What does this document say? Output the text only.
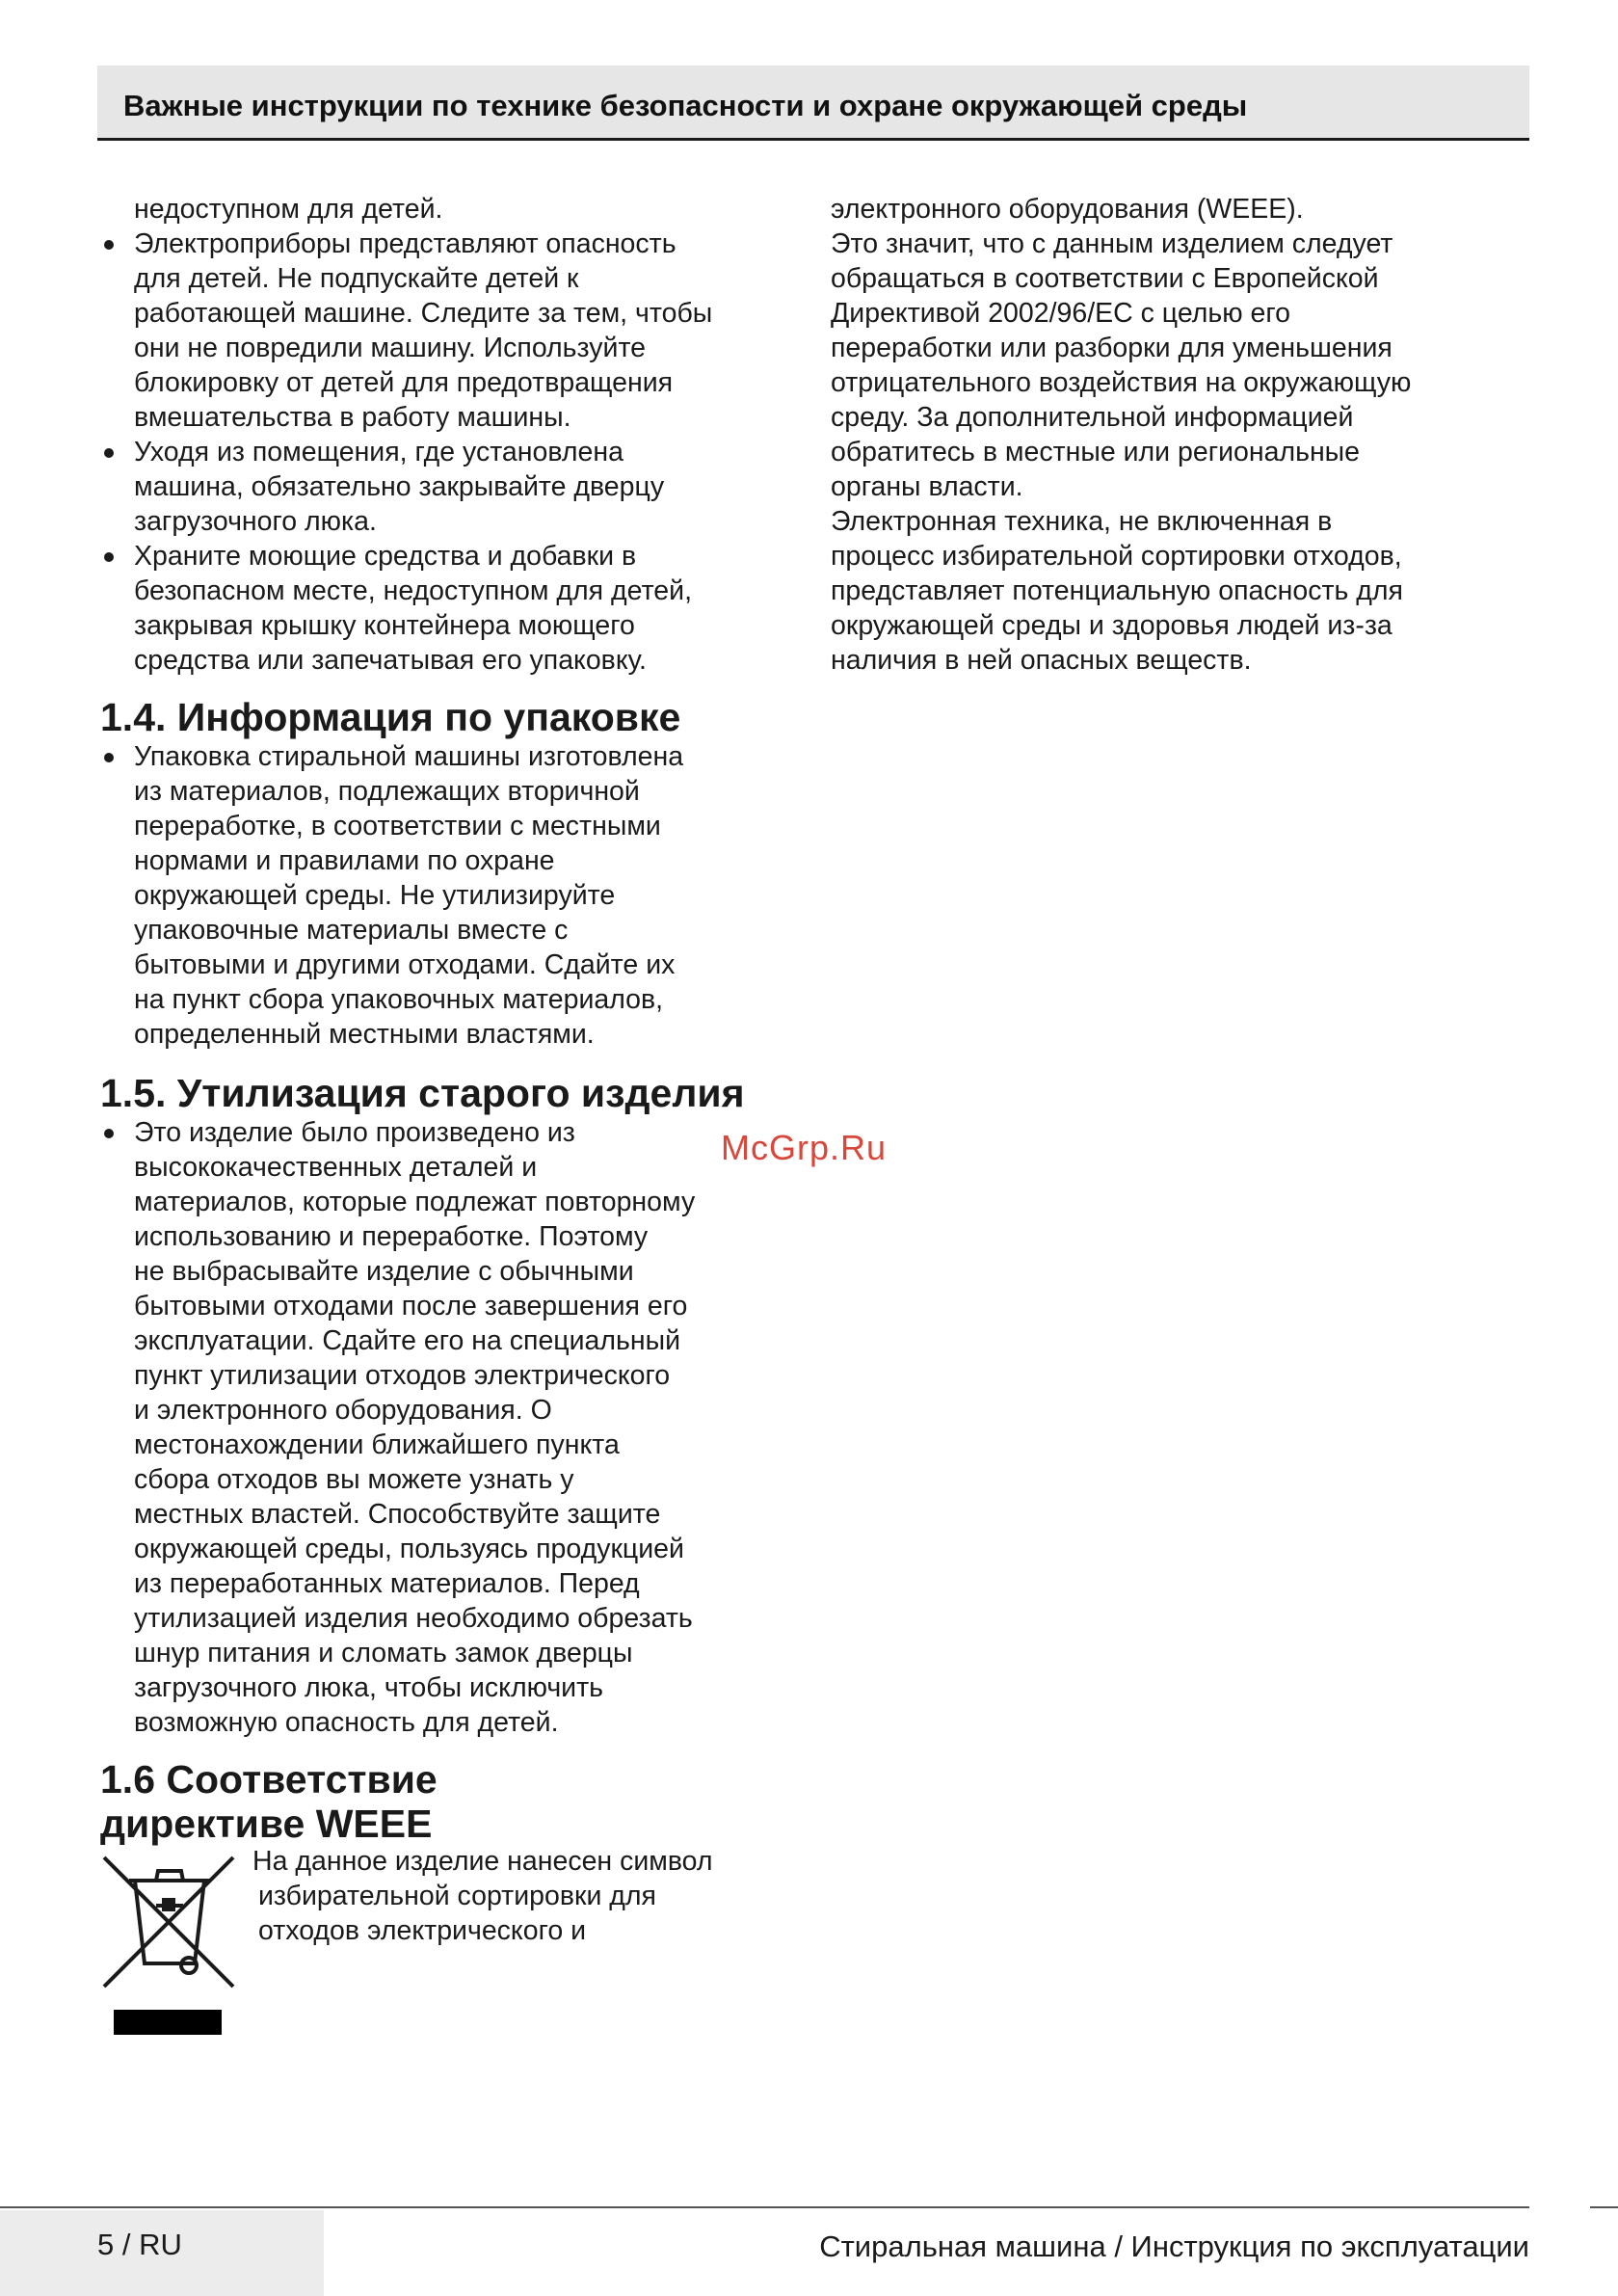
Важные инструкции по технике безопасности и охране окружающей среды
недоступном для детей.
Электроприборы представляют опасность
для детей. Не подпускайте детей к
работающей машине. Следите за тем, чтобы
они не повредили машину. Используйте
блокировку от детей для предотвращения
вмешательства в работу машины.
Уходя из помещения, где установлена
машина, обязательно закрывайте дверцу
загрузочного люка.
Храните моющие средства и добавки в
безопасном месте, недоступном для детей,
закрывая крышку контейнера моющего
средства или запечатывая его упаковку.
1.4. Информация по упаковке
Упаковка стиральной машины изготовлена
из материалов, подлежащих вторичной
переработке, в соответствии с местными
нормами и правилами по охране
окружающей среды. Не утилизируйте
упаковочные материалы вместе с
бытовыми и другими отходами. Сдайте их
на пункт сбора упаковочных материалов,
определенный местными властями.
1.5. Утилизация старого изделия
Это изделие было произведено из
высококачественных деталей и
материалов, которые подлежат повторному
использованию и переработке. Поэтому
не выбрасывайте изделие с обычными
бытовыми отходами после завершения его
эксплуатации. Сдайте его на специальный
пункт утилизации отходов электрического
и электронного оборудования. О
местонахождении ближайшего пункта
сбора отходов вы можете узнать у
местных властей. Способствуйте защите
окружающей среды, пользуясь продукцией
из переработанных материалов. Перед
утилизацией изделия необходимо обрезать
шнур питания и сломать замок дверцы
загрузочного люка, чтобы исключить
возможную опасность для детей.
1.6 Соответствие
директиве WEEE
На данное изделие нанесен символ
избирательной сортировки для
отходов электрического и
электронного оборудования (WEEE).
Это значит, что с данным изделием следует
обращаться в соответствии с Европейской
Директивой 2002/96/ЕС с целью его
переработки или разборки для уменьшения
отрицательного воздействия на окружающую
среду. За дополнительной информацией
обратитесь в местные или региональные
органы власти.
Электронная техника, не включенная в
процесс избирательной сортировки отходов,
представляет потенциальную опасность для
окружающей среды и здоровья людей из-за
наличия в ней опасных веществ.
McGrp.Ru
5 / RU	Стиральная машина / Инструкция по эксплуатации
